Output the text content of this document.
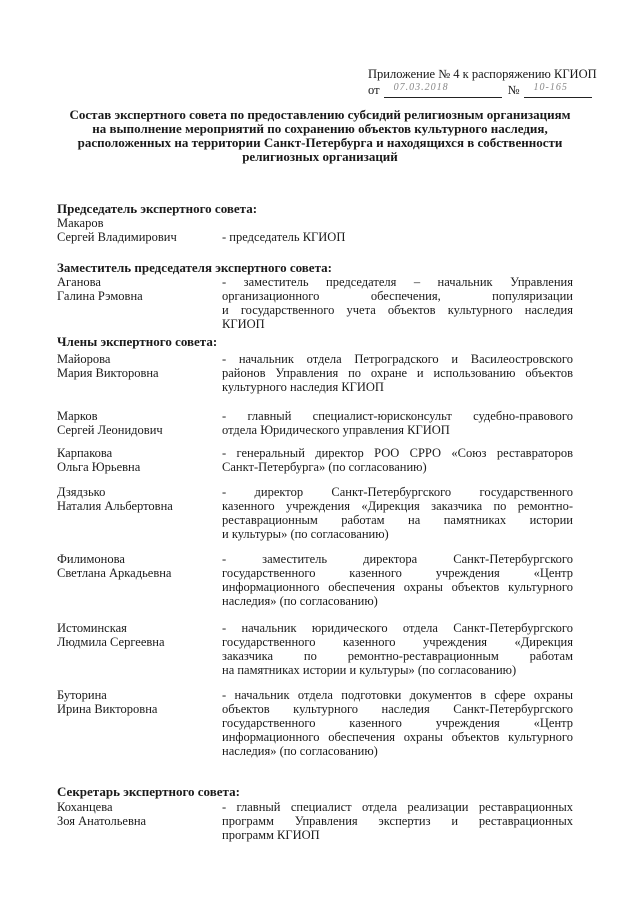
Приложение № 4 к распоряжению КГИОП
от 07.03.2018	№ 10-165
Состав экспертного совета по предоставлению субсидий религиозным организациям
на выполнение мероприятий по сохранению объектов культурного наследия,
расположенных на территории Санкт-Петербурга и находящихся в собственности
религиозных организаций
Председатель экспертного совета:
Макаров
Сергей Владимирович	- председатель КГИОП
Заместитель председателя экспертного совета:
Аганова
Галина Рэмовна
- заместитель председателя – начальник Управления
организационного обеспечения, популяризации
и государственного учета объектов культурного наследия
КГИОП
Члены экспертного совета:
Майорова
Мария Викторовна
- начальник отдела Петроградского и Василеостровского
районов Управления по охране и использованию объектов
культурного наследия КГИОП
Марков
Сергей Леонидович
- главный специалист-юрисконсульт судебно-правового
отдела Юридического управления КГИОП
Карпакова
Ольга Юрьевна
- генеральный директор РОО СРРО «Союз реставраторов
Санкт-Петербурга» (по согласованию)
Дзядзько
Наталия Альбертовна
- директор Санкт-Петербургского государственного
казенного учреждения «Дирекция заказчика по ремонтно-
реставрационным работам на памятниках истории
и культуры» (по согласованию)
Филимонова
Светлана Аркадьевна
- заместитель директора Санкт-Петербургского
государственного казенного учреждения «Центр
информационного обеспечения охраны объектов культурного
наследия» (по согласованию)
Истоминская
Людмила Сергеевна
- начальник юридического отдела Санкт-Петербургского
государственного казенного учреждения «Дирекция
заказчика по ремонтно-реставрационным работам
на памятниках истории и культуры» (по согласованию)
Буторина
Ирина Викторовна
- начальник отдела подготовки документов в сфере охраны
объектов культурного наследия Санкт-Петербургского
государственного казенного учреждения «Центр
информационного обеспечения охраны объектов культурного
наследия» (по согласованию)
Секретарь экспертного совета:
Коханцева
Зоя Анатольевна
- главный специалист отдела реализации реставрационных
программ Управления экспертиз и реставрационных
программ КГИОП
